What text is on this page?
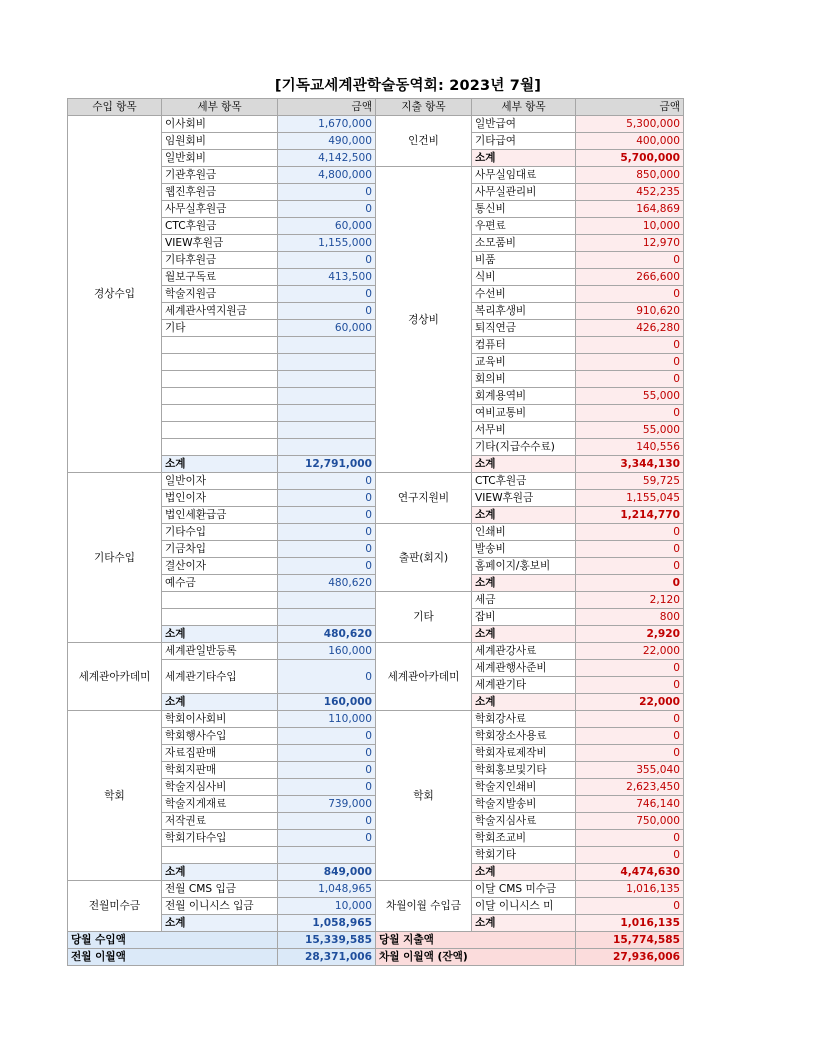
[기독교세계관학술동역회: 2023년 7월]
수입 항목	세부 항목	금액	지출 항목	세부 항목	금액
경상수입	이사회비	1,670,000	인건비	일반급여	5,300,000
	임원회비	490,000		기타급여	400,000
	일반회비	4,142,500		소계	5,700,000
	기관후원금	4,800,000	경상비	사무실임대료	850,000
	웹진후원금	0		사무실관리비	452,235
	사무실후원금	0		통신비	164,869
	CTC후원금	60,000		우편료	10,000
	VIEW후원금	1,155,000		소모품비	12,970
	기타후원금	0		비품	0
	월보구독료	413,500		식비	266,600
	학술지원금	0		수선비	0
	세계관사역지원금	0		복리후생비	910,620
	기타	60,000		퇴직연금	426,280
				컴퓨터	0
				교육비	0
				회의비	0
				회계용역비	55,000
				여비교통비	0
				서무비	55,000
				기타(지급수수료)	140,556
	소계	12,791,000		소계	3,344,130
기타수입	일반이자	0	연구지원비	CTC후원금	59,725
	법인이자	0		VIEW후원금	1,155,045
	법인세환급금	0		소계	1,214,770
	기타수입	0	출판(회지)	인쇄비	0
	기금차입	0		발송비	0
	결산이자	0		홈페이지/홍보비	0
	예수금	480,620		소계	0
			기타	세금	2,120
				잡비	800
	소계	480,620		소계	2,920
세계관아카데미	세계관일반등록	160,000	세계관아카데미	세계관강사료	22,000
	세계관기타수입	0		세계관행사준비	0
				세계관기타	0
	소계	160,000		소계	22,000
학회	학회이사회비	110,000	학회	학회강사료	0
	학회행사수입	0		학회장소사용료	0
	자료집판매	0		학회자료제작비	0
	학회지판매	0		학회홍보및기타	355,040
	학술지심사비	0		학술지인쇄비	2,623,450
	학술지게재료	739,000		학술지발송비	746,140
	저작권료	0		학술지심사료	750,000
	학회기타수입	0		학회조교비	0
				학회기타	0
	소계	849,000		소계	4,474,630
전월미수금	전월 CMS 입금	1,048,965	차월이월 수입금	이달 CMS 미수금	1,016,135
	전월 이니시스 입금	10,000		이달 이니시스 미	0
	소계	1,058,965		소계	1,016,135
당월 수입액		15,339,585	당월 지출액		15,774,585
전월 이월액		28,371,006	차월 이월액 (잔액)		27,936,006
